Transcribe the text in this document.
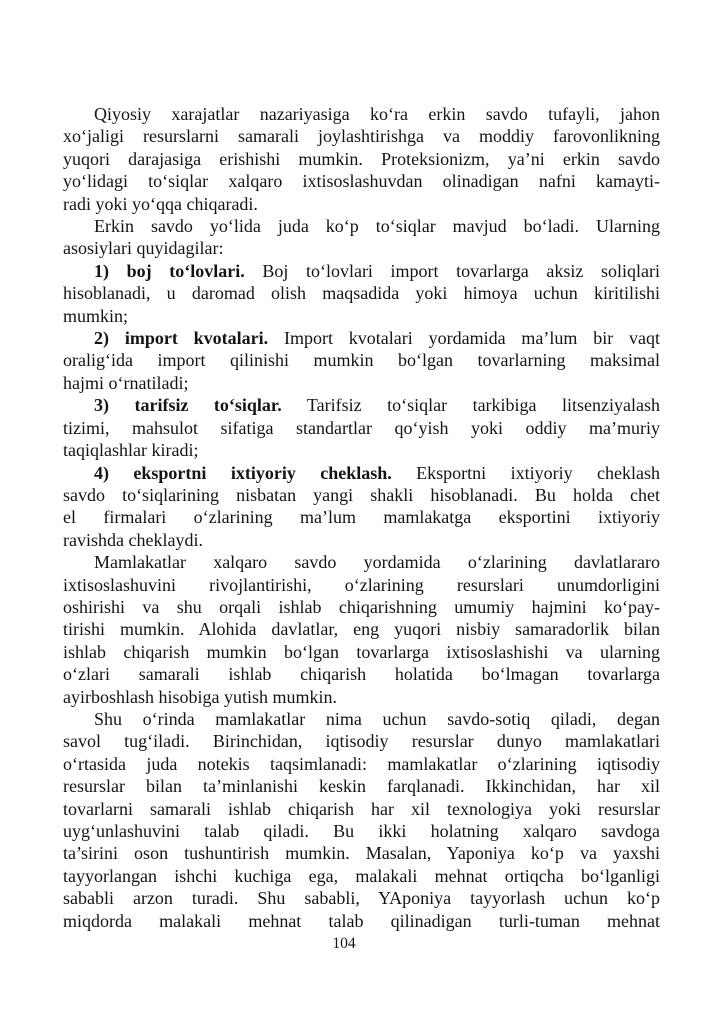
Qiyosiy xarajatlar nazariyasiga ko‘ra erkin savdo tufayli, jahon
xo‘jaligi resurslarni samarali joylashtirishga va moddiy farovonlikning
yuqori darajasiga erishishi mumkin. Proteksionizm, ya’ni erkin savdo
yo‘lidagi to‘siqlar xalqaro ixtisoslashuvdan olinadigan nafni kamayti-
radi yoki yo‘qqa chiqaradi.
Erkin savdo yo‘lida juda ko‘p to‘siqlar mavjud bo‘ladi. Ularning
asosiylari quyidagilar:
1) boj to‘lovlari. Boj to‘lovlari import tovarlarga aksiz soliqlari
hisoblanadi, u daromad olish maqsadida yoki himoya uchun kiritilishi
mumkin;
2) import kvotalari. Import kvotalari yordamida ma’lum bir vaqt
oralig‘ida import qilinishi mumkin bo‘lgan tovarlarning maksimal
hajmi o‘rnatiladi;
3) tarifsiz to‘siqlar. Tarifsiz to‘siqlar tarkibiga litsenziyalash
tizimi, mahsulot sifatiga standartlar qo‘yish yoki oddiy ma’muriy
taqiqlashlar kiradi;
4) eksportni ixtiyoriy cheklash. Eksportni ixtiyoriy cheklash
savdo to‘siqlarining nisbatan yangi shakli hisoblanadi. Bu holda chet
el firmalari o‘zlarining ma’lum mamlakatga eksportini ixtiyoriy
ravishda cheklaydi.
Mamlakatlar xalqaro savdo yordamida o‘zlarining davlatlararo
ixtisoslashuvini rivojlantirishi, o‘zlarining resurslari unumdorligini
oshirishi va shu orqali ishlab chiqarishning umumiy hajmini ko‘pay-
tirishi mumkin. Alohida davlatlar, eng yuqori nisbiy samaradorlik bilan
ishlab chiqarish mumkin bo‘lgan tovarlarga ixtisoslashishi va ularning
o‘zlari samarali ishlab chiqarish holatida bo‘lmagan tovarlarga
ayirboshlash hisobiga yutish mumkin.
Shu o‘rinda mamlakatlar nima uchun savdo-sotiq qiladi, degan
savol tug‘iladi. Birinchidan, iqtisodiy resurslar dunyo mamlakatlari
o‘rtasida juda notekis taqsimlanadi: mamlakatlar o‘zlarining iqtisodiy
resurslar bilan ta’minlanishi keskin farqlanadi. Ikkinchidan, har xil
tovarlarni samarali ishlab chiqarish har xil texnologiya yoki resurslar
uyg‘unlashuvini talab qiladi. Bu ikki holatning xalqaro savdoga
ta’sirini oson tushuntirish mumkin. Masalan, Yaponiya ko‘p va yaxshi
tayyorlangan ishchi kuchiga ega, malakali mehnat ortiqcha bo‘lganligi
sababli arzon turadi. Shu sababli, YAponiya tayyorlash uchun ko‘p
miqdorda malakali mehnat talab qilinadigan turli-tuman mehnat
104
